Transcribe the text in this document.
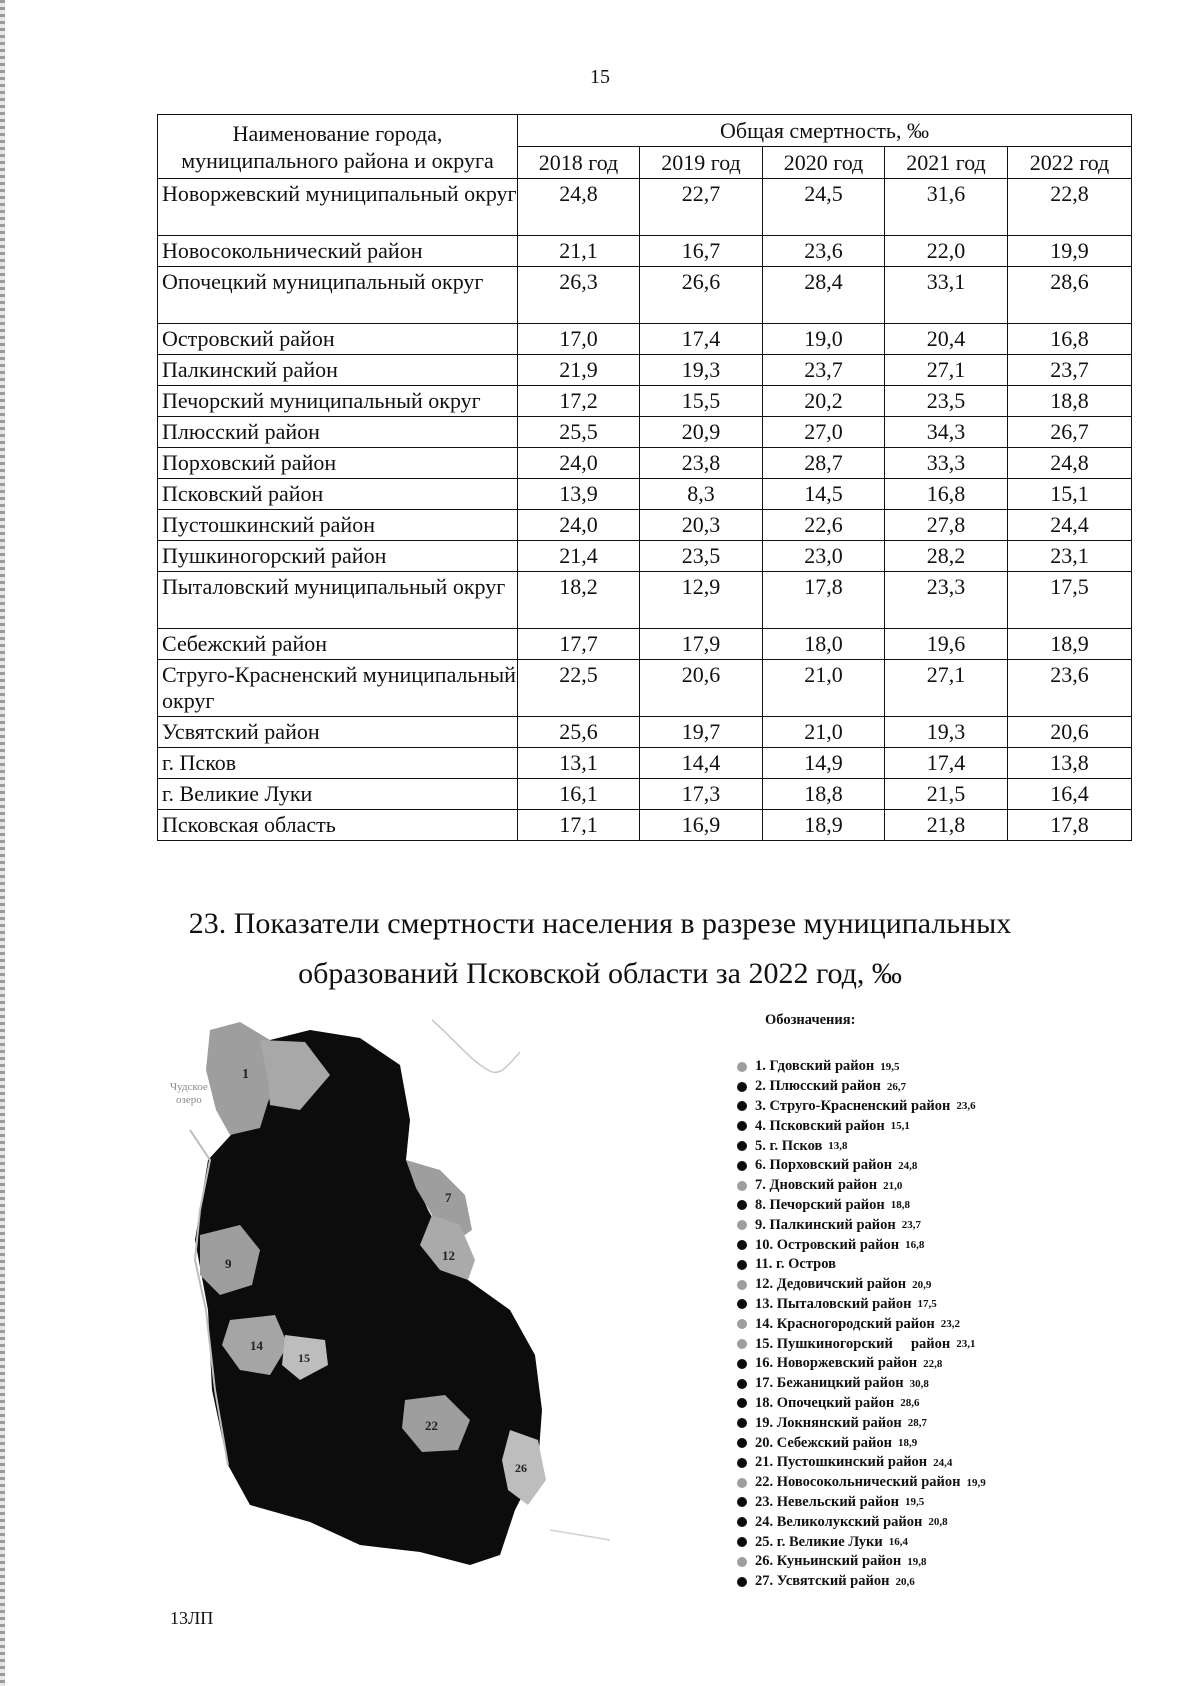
15
Наименование города, муниципального района и округа	Общая смертность, ‰				
	2018 год	2019 год	2020 год	2021 год	2022 год
Новоржевский муниципальный округ	24,8	22,7	24,5	31,6	22,8
Новосокольнический район	21,1	16,7	23,6	22,0	19,9
Опочецкий муниципальный округ	26,3	26,6	28,4	33,1	28,6
Островский район	17,0	17,4	19,0	20,4	16,8
Палкинский район	21,9	19,3	23,7	27,1	23,7
Печорский муниципальный округ	17,2	15,5	20,2	23,5	18,8
Плюсский район	25,5	20,9	27,0	34,3	26,7
Порховский район	24,0	23,8	28,7	33,3	24,8
Псковский район	13,9	8,3	14,5	16,8	15,1
Пустошкинский район	24,0	20,3	22,6	27,8	24,4
Пушкиногорский район	21,4	23,5	23,0	28,2	23,1
Пыталовский муниципальный округ	18,2	12,9	17,8	23,3	17,5
Себежский район	17,7	17,9	18,0	19,6	18,9
Струго-Красненский муниципальный округ	22,5	20,6	21,0	27,1	23,6
Усвятский район	25,6	19,7	21,0	19,3	20,6
г. Псков	13,1	14,4	14,9	17,4	13,8
г. Великие Луки	16,1	17,3	18,8	21,5	16,4
Псковская область	17,1	16,9	18,9	21,8	17,8
23. Показатели смертности населения в разрезе муниципальных
образований Псковской области за 2022 год, ‰
Чудское
озеро
1
7
9
12
14
15
22
26
Обозначения:
1. Гдовский район 19,5
2. Плюсский район 26,7
3. Струго-Красненский район 23,6
4. Псковский район 15,1
5. г. Псков 13,8
6. Порховский район 24,8
7. Дновский район 21,0
8. Печорский район 18,8
9. Палкинский район 23,7
10. Островский район 16,8
11. г. Остров
12. Дедовичский район 20,9
13. Пыталовский район 17,5
14. Красногородский район 23,2
15. Пушкиногорский     район 23,1
16. Новоржевский район 22,8
17. Бежаницкий район 30,8
18. Опочецкий район 28,6
19. Локнянский район 28,7
20. Себежский район 18,9
21. Пустошкинский район 24,4
22. Новосокольнический район 19,9
23. Невельский район 19,5
24. Великолукский район 20,8
25. г. Великие Луки 16,4
26. Куньинский район 19,8
27. Усвятский район 20,6
13ЛП
